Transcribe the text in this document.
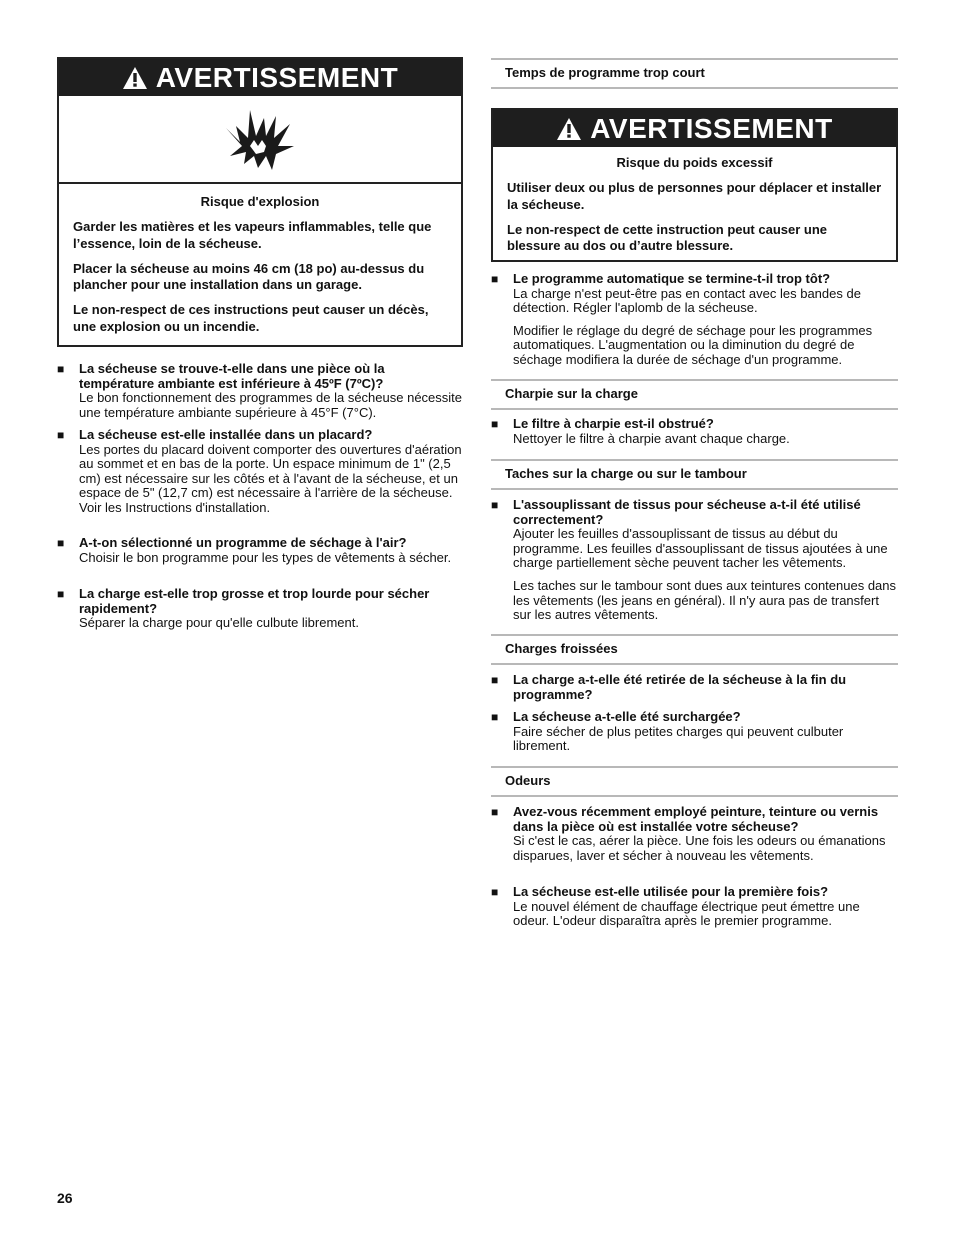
AVERTISSEMENT

Risque d'explosion

Garder les matières et les vapeurs inflammables, telle que l’essence, loin de la sécheuse.

Placer la sécheuse au moins 46 cm (18 po) au-dessus du plancher pour une installation dans un garage.

Le non-respect de ces instructions peut causer un décès, une explosion ou un incendie.

■ La sécheuse se trouve-t-elle dans une pièce où la température ambiante est inférieure à 45ºF (7ºC)?
Le bon fonctionnement des programmes de la sécheuse nécessite une température ambiante supérieure à 45°F (7°C).
■ La sécheuse est-elle installée dans un placard?
Les portes du placard doivent comporter des ouvertures d'aération au sommet et en bas de la porte. Un espace minimum de 1" (2,5 cm) est nécessaire sur les côtés et à l'avant de la sécheuse, et un espace de 5" (12,7 cm) est nécessaire à l'arrière de la sécheuse. Voir les Instructions d'installation.
■ A-t-on sélectionné un programme de séchage à l'air?
Choisir le bon programme pour les types de vêtements à sécher.
■ La charge est-elle trop grosse et trop lourde pour sécher rapidement?
Séparer la charge pour qu'elle culbute librement.
Temps de programme trop court
AVERTISSEMENT

Risque du poids excessif

Utiliser deux ou plus de personnes pour déplacer et installer la sécheuse.

Le non-respect de cette instruction peut causer une blessure au dos ou d’autre blessure.

■ Le programme automatique se termine-t-il trop tôt?
La charge n'est peut-être pas en contact avec les bandes de détection. Régler l'aplomb de la sécheuse.

Modifier le réglage du degré de séchage pour les programmes automatiques. L'augmentation ou la diminution du degré de séchage modifiera la durée de séchage d'un programme.

Charpie sur la charge
■ Le filtre à charpie est-il obstrué?
Nettoyer le filtre à charpie avant chaque charge.
Taches sur la charge ou sur le tambour
■ L'assouplissant de tissus pour sécheuse a-t-il été utilisé correctement?
Ajouter les feuilles d'assouplissant de tissus au début du programme. Les feuilles d'assouplissant de tissus ajoutées à une charge partiellement sèche peuvent tacher les vêtements.

Les taches sur le tambour sont dues aux teintures contenues dans les vêtements (les jeans en général). Il n'y aura pas de transfert sur les autres vêtements.

Charges froissées
■ La charge a-t-elle été retirée de la sécheuse à la fin du programme?
■ La sécheuse a-t-elle été surchargée?
Faire sécher de plus petites charges qui peuvent culbuter librement.
Odeurs
■ Avez-vous récemment employé peinture, teinture ou vernis dans la pièce où est installée votre sécheuse?
Si c'est le cas, aérer la pièce. Une fois les odeurs ou émanations disparues, laver et sécher à nouveau les vêtements.
■ La sécheuse est-elle utilisée pour la première fois?
Le nouvel élément de chauffage électrique peut émettre une odeur. L'odeur disparaîtra après le premier programme.
26
